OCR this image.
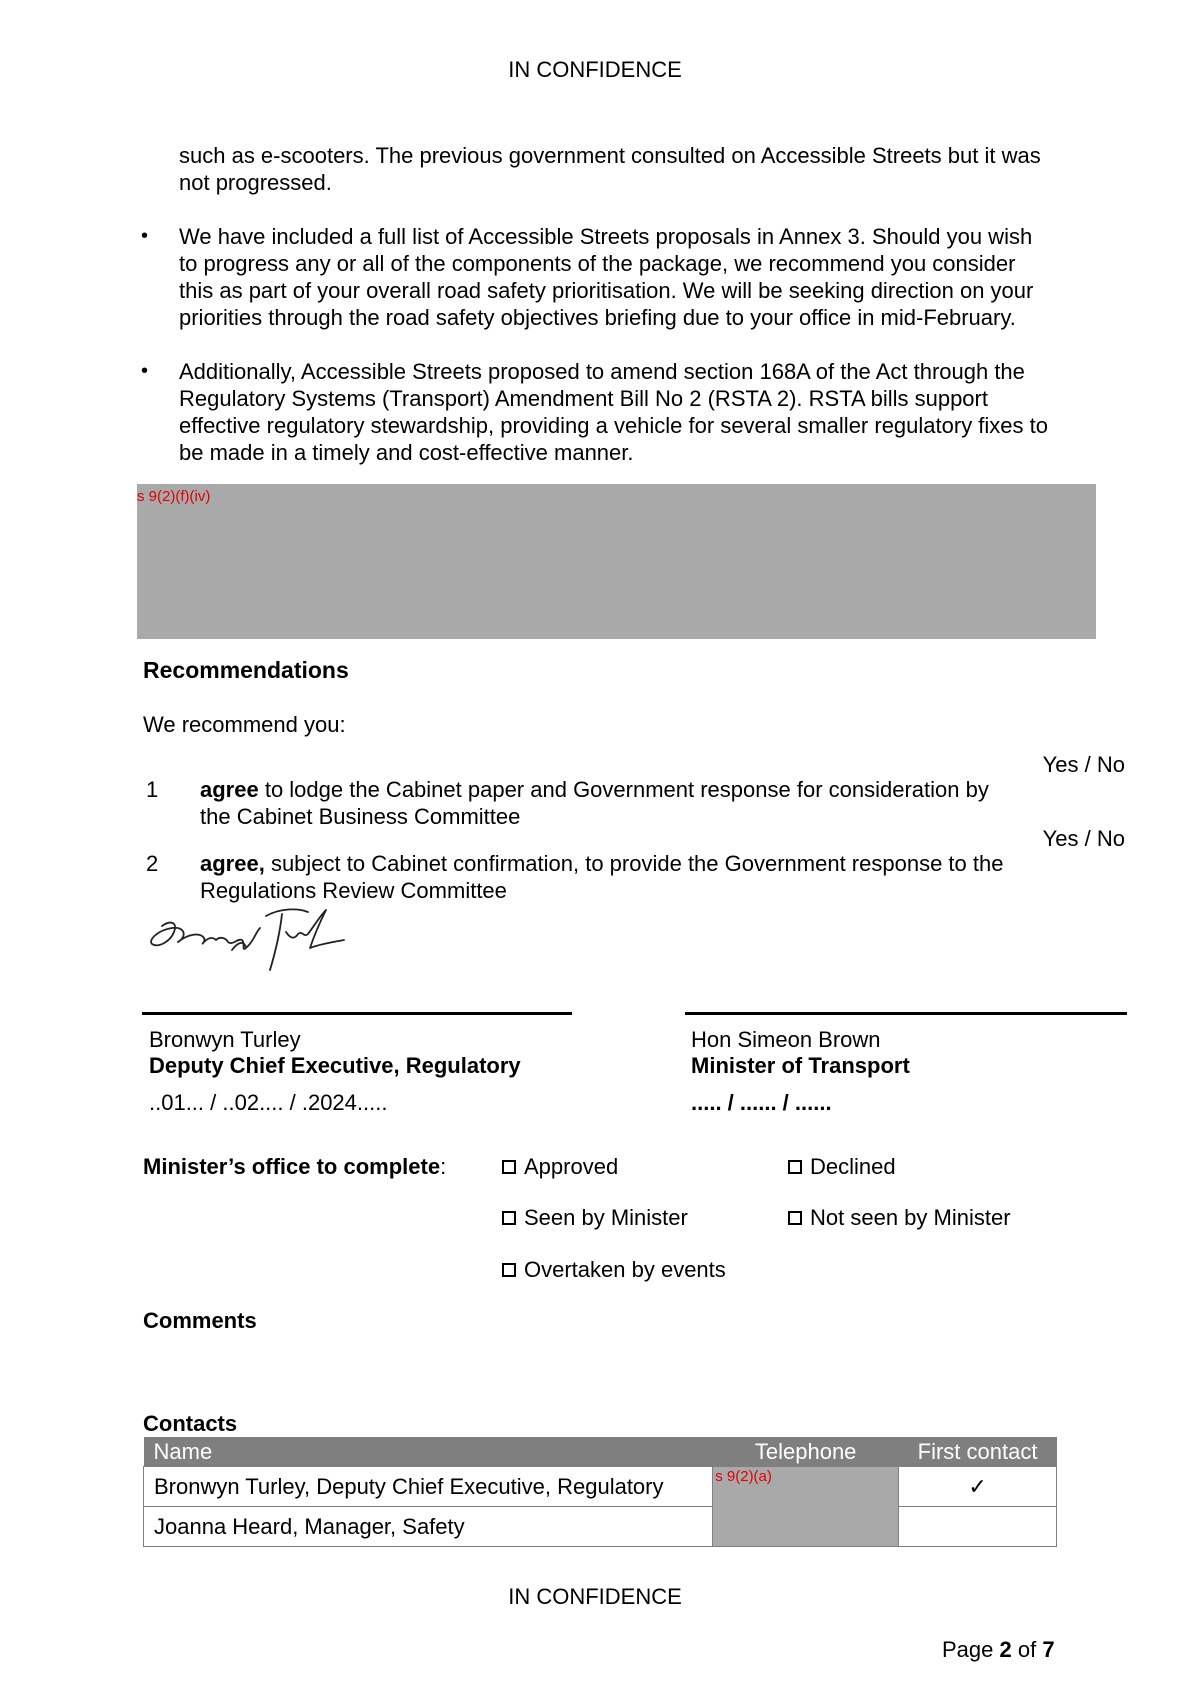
IN CONFIDENCE
such as e-scooters. The previous government consulted on Accessible Streets but it was
not progressed.
• We have included a full list of Accessible Streets proposals in Annex 3. Should you wish
to progress any or all of the components of the package, we recommend you consider
this as part of your overall road safety prioritisation. We will be seeking direction on your
priorities through the road safety objectives briefing due to your office in mid-February.
• Additionally, Accessible Streets proposed to amend section 168A of the Act through the
Regulatory Systems (Transport) Amendment Bill No 2 (RSTA 2). RSTA bills support
effective regulatory stewardship, providing a vehicle for several smaller regulatory fixes to
be made in a timely and cost-effective manner.
s 9(2)(f)(iv)
Recommendations
We recommend you:
Yes / No
1 agree to lodge the Cabinet paper and Government response for consideration by
the Cabinet Business Committee
Yes / No
2 agree, subject to Cabinet confirmation, to provide the Government response to the
Regulations Review Committee
Bronwyn Turley
Deputy Chief Executive, Regulatory
..01... / ..02.... / .2024.....
Hon Simeon Brown
Minister of Transport
..... / ...... / ......
Minister’s office to complete:	Approved	Declined
Seen by Minister	Not seen by Minister
Overtaken by events
Comments
Contacts
Name	Telephone	First contact
Bronwyn Turley, Deputy Chief Executive, Regulatory	s 9(2)(a)	✓
Joanna Heard, Manager, Safety		
IN CONFIDENCE
Page 2 of 7
